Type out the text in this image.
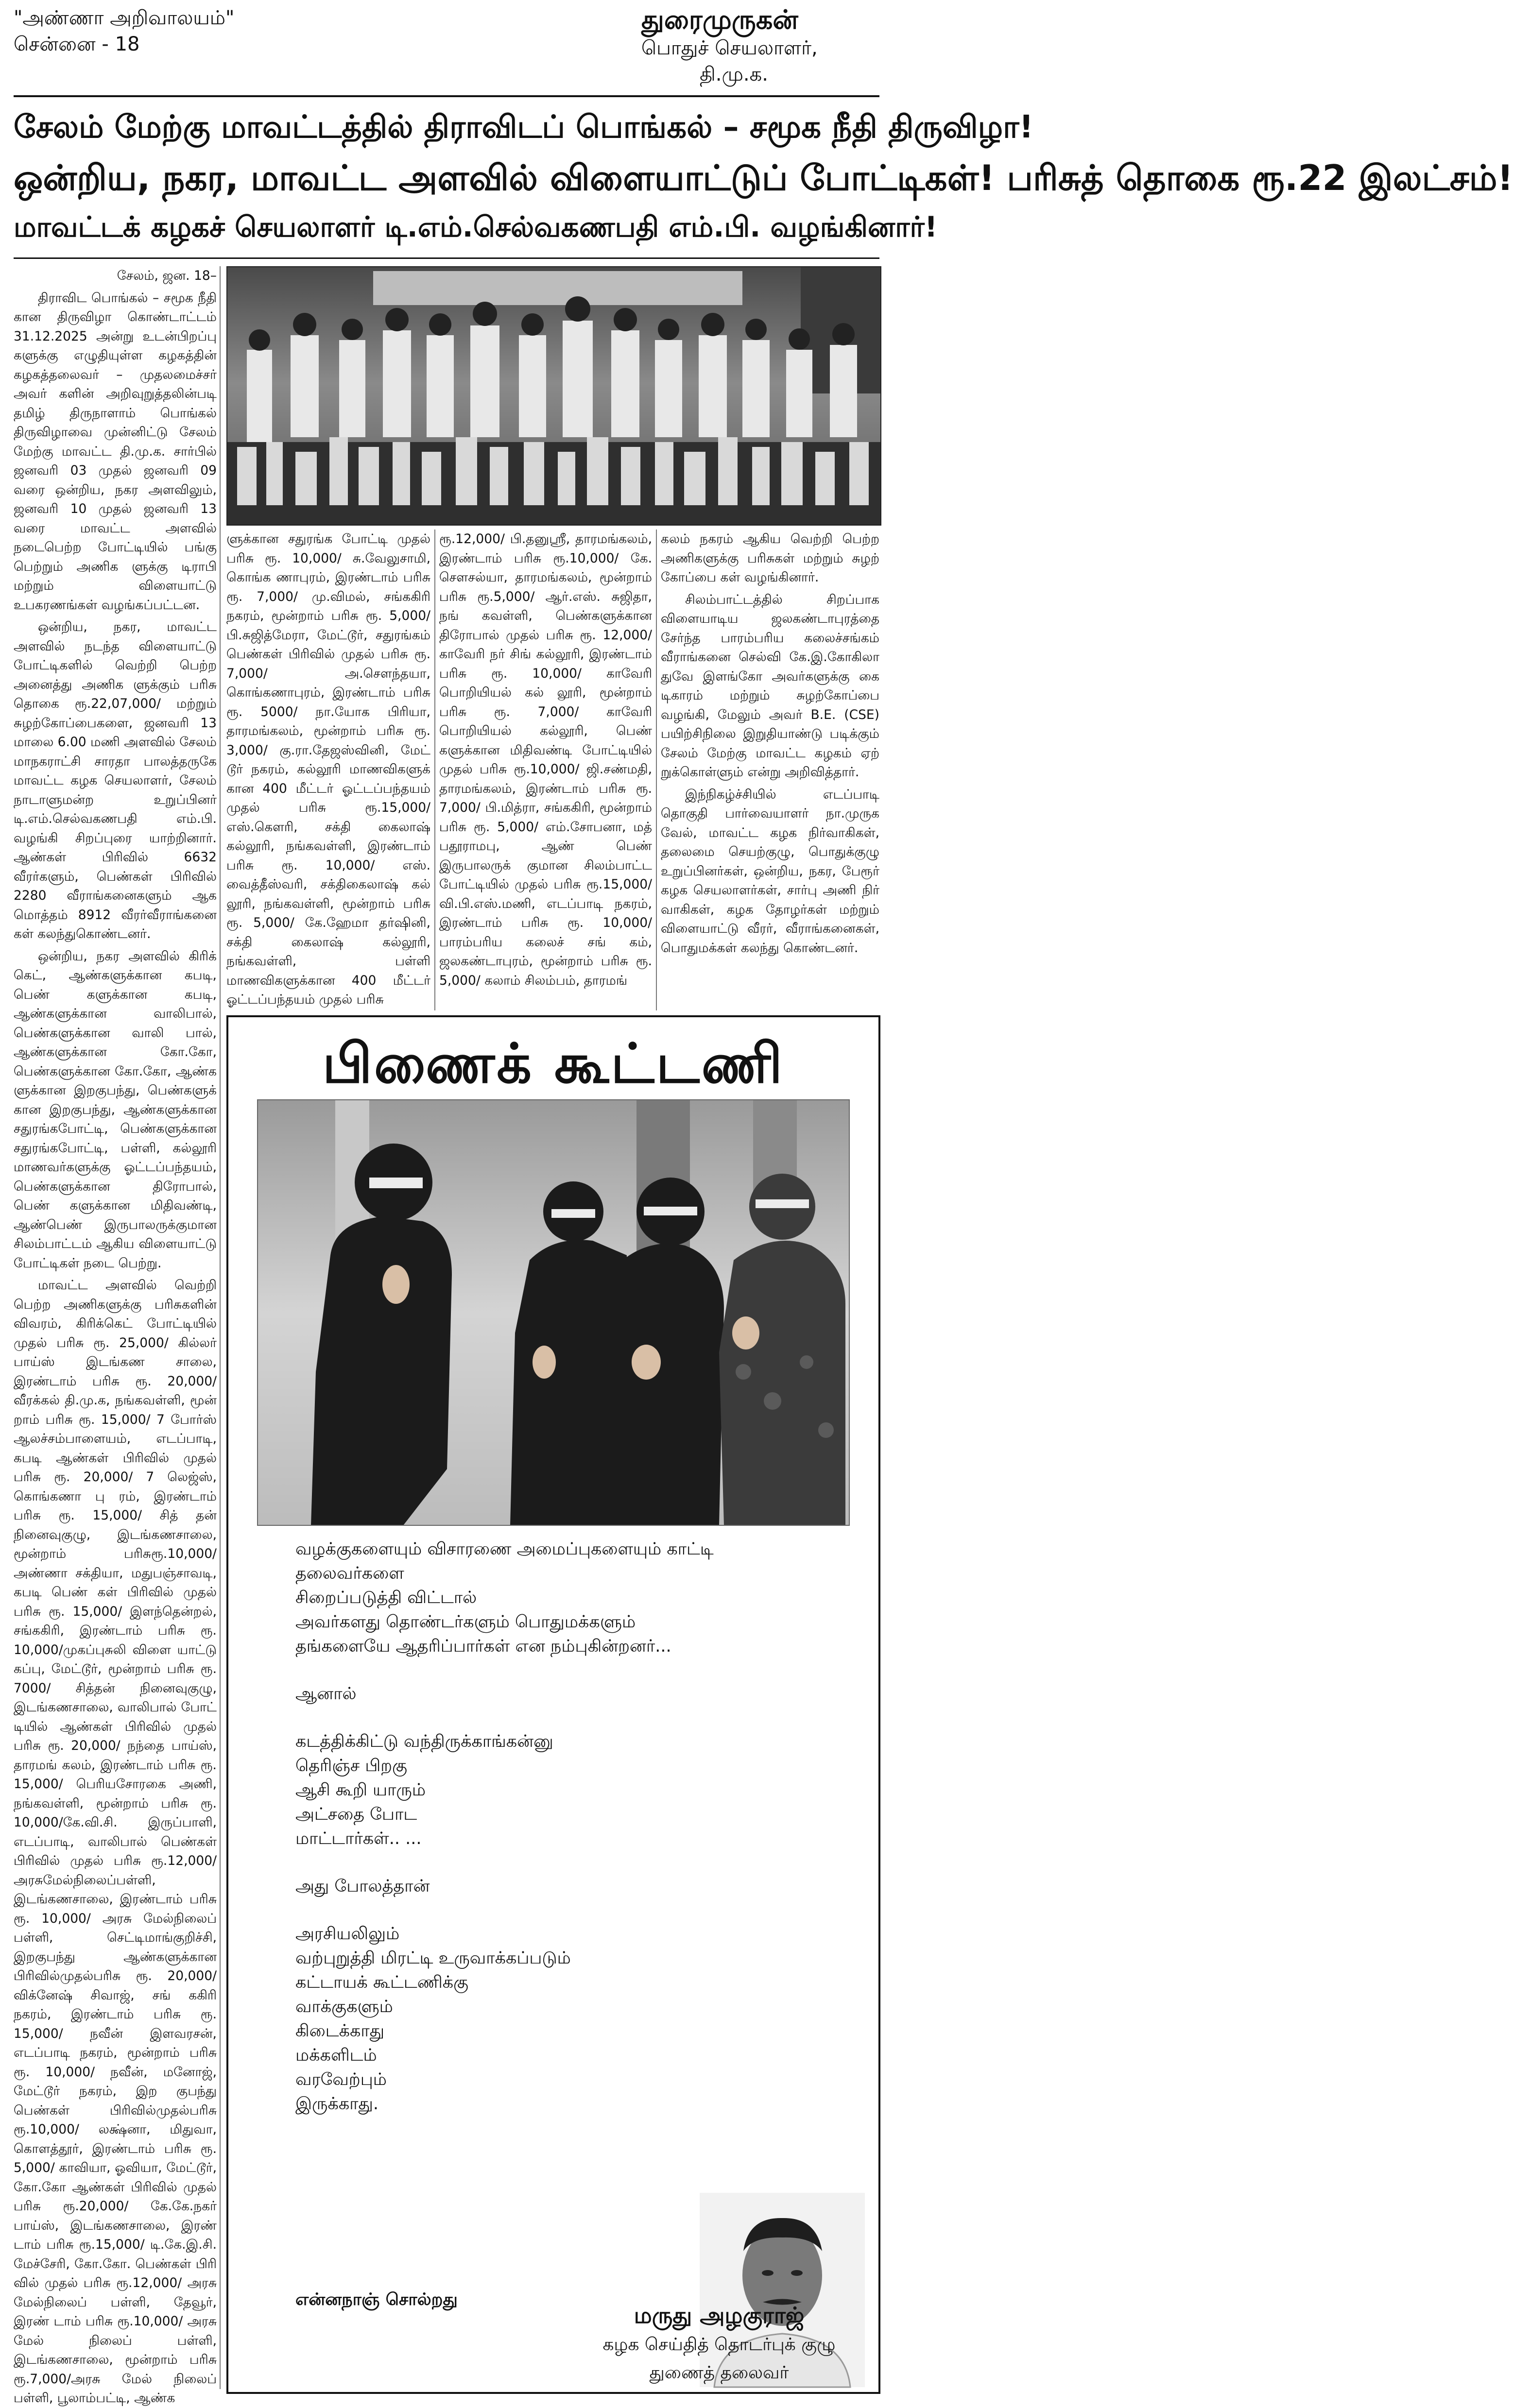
"அண்ணா அறிவாலயம்"
சென்னை - 18
துரைமுருகன்
பொதுச் செயலாளர்,
தி.மு.க.
சேலம் மேற்கு மாவட்டத்தில் திராவிடப் பொங்கல் – சமூக நீதி திருவிழா!
ஒன்றிய, நகர, மாவட்ட அளவில் விளையாட்டுப் போட்டிகள்! பரிசுத் தொகை ரூ.22 இலட்சம்!
மாவட்டக் கழகச் செயலாளர் டி.எம்.செல்வகணபதி எம்.பி. வழங்கினார்!

சேலம், ஜன. 18–

திராவிட பொங்கல் – சமூக நீதி கான திருவிழா கொண்டாட்டம் 31.12.2025 அன்று உடன்பிறப்பு களுக்கு எழுதியுள்ள கழகத்தின் கழகத்தலைவர் – முதலமைச்சர் அவர் களின் அறிவுறுத்தலின்படி தமிழ் திருநாளாம் பொங்கல் திருவிழாவை முன்னிட்டு சேலம் மேற்கு மாவட்ட தி.மு.க. சார்பில் ஜனவரி 03 முதல் ஜனவரி 09 வரை ஒன்றிய, நகர அளவிலும், ஜனவரி 10 முதல் ஜனவரி 13 வரை மாவட்ட அளவில் நடைபெற்ற போட்டியில் பங்கு பெற்றும் அணிக ளுக்கு டிராபி மற்றும் விளையாட்டு உபகரணங்கள் வழங்கப்பட்டன.

ஒன்றிய, நகர, மாவட்ட அளவில் நடந்த விளையாட்டு போட்டிகளில் வெற்றி பெற்ற அனைத்து அணிக ளுக்கும் பரிசு தொகை ரூ.22,07,000/ மற்றும் சுழற்கோப்பைகளை, ஜனவரி 13 மாலை 6.00 மணி அளவில் சேலம் மாநகராட்சி சாரதா பாலத்தருகே மாவட்ட கழக செயலாளர், சேலம் நாடாளுமன்ற உறுப்பினர் டி.எம்.செல்வகணபதி எம்.பி. வழங்கி சிறப்புரை யாற்றினார். ஆண்கள் பிரிவில் 6632 வீரர்களும், பெண்கள் பிரிவில் 2280 வீராங்கனைகளும் ஆக மொத்தம் 8912 வீரர்வீராங்கனை கள் கலந்துகொண்டனர்.

ஒன்றிய, நகர அளவில் கிரிக் கெட், ஆண்களுக்கான கபடி, பெண் களுக்கான கபடி, ஆண்களுக்கான வாலிபால், பெண்களுக்கான வாலி பால், ஆண்களுக்கான கோ.கோ, பெண்களுக்கான கோ.கோ, ஆண்க ளுக்கான இறகுபந்து, பெண்களுக் கான இறகுபந்து, ஆண்களுக்கான சதுரங்கபோட்டி, பெண்களுக்கான சதுரங்கபோட்டி, பள்ளி, கல்லூரி மாணவர்களுக்கு ஓட்டப்பந்தயம், பெண்களுக்கான திரோபால், பெண் களுக்கான மிதிவண்டி, ஆண்பெண் இருபாலருக்குமான சிலம்பாட்டம் ஆகிய விளையாட்டு போட்டிகள் நடை பெற்று.

மாவட்ட அளவில் வெற்றி பெற்ற அணிகளுக்கு பரிசுகளின் விவரம், கிரிக்கெட் போட்டியில் முதல் பரிசு ரூ. 25,000/ கில்லர் பாய்ஸ் இடங்கண சாலை, இரண்டாம் பரிசு ரூ. 20,000/ வீரக்கல் தி.மு.க, நங்கவள்ளி, மூன் றாம் பரிசு ரூ. 15,000/ 7 போர்ஸ் ஆலச்சம்பாளையம், எடப்பாடி, கபடி ஆண்கள் பிரிவில் முதல் பரிசு ரூ. 20,000/ 7 லெஜ்ஸ், கொங்கணா பு ரம், இரண்டாம் பரிசு ரூ. 15,000/ சித் தன் நினைவுகுழு, இடங்கணசாலை, மூன்றாம் பரிசுரூ.10,000/அண்ணா சக்தியா, மதுபஞ்சாவடி, கபடி பெண் கள் பிரிவில் முதல் பரிசு ரூ. 15,000/ இளந்தென்றல், சங்ககிரி, இரண்டாம் பரிசு ரூ. 10,000/முகப்புசுலி விளை யாட்டு கப்பு, மேட்டூர், மூன்றாம் பரிசு ரூ. 7000/ சித்தன் நினைவுகுழு, இடங்கணசாலை, வாலிபால் போட் டியில் ஆண்கள் பிரிவில் முதல் பரிசு ரூ. 20,000/ நந்தை பாய்ஸ், தாரமங் கலம், இரண்டாம் பரிசு ரூ. 15,000/ பெரியசோரகை அணி, நங்கவள்ளி, மூன்றாம் பரிசு ரூ. 10,000/கே.வி.சி. இருப்பாளி, எடப்பாடி, வாலிபால் பெண்கள் பிரிவில் முதல் பரிசு ரூ.12,000/அரசுமேல்நிலைப்பள்ளி, இடங்கணசாலை, இரண்டாம் பரிசு ரூ. 10,000/ அரசு மேல்நிலைப் பள்ளி, செட்டிமாங்குறிச்சி, இறகுபந்து ஆண்களுக்கான பிரிவில்முதல்பரிசு ரூ. 20,000/ விக்னேஷ் சிவாஜ், சங் ககிரி நகரம், இரண்டாம் பரிசு ரூ. 15,000/ நவீன் இளவரசன், எடப்பாடி நகரம், மூன்றாம் பரிசு ரூ. 10,000/ நவீன், மனோஜ், மேட்டூர் நகரம், இற குபந்து பெண்கள் பிரிவில்முதல்பரிசு ரூ.10,000/ லக்ஷ்னா, மிதுவா, கொளத்தூர், இரண்டாம் பரிசு ரூ. 5,000/ காவியா, ஓவியா, மேட்டூர், கோ.கோ ஆண்கள் பிரிவில் முதல் பரிசு ரூ.20,000/ கே.கே.நகர் பாய்ஸ், இடங்கணசாலை, இரண் டாம் பரிசு ரூ.15,000/ டி.கே.இ.சி. மேச்சேரி, கோ.கோ. பெண்கள் பிரி வில் முதல் பரிசு ரூ.12,000/ அரசு மேல்நிலைப் பள்ளி, தேவூர், இரண் டாம் பரிசு ரூ.10,000/ அரசு மேல் நிலைப் பள்ளி, இடங்கணசாலை, மூன்றாம் பரிசு ரூ.7,000/அரசு மேல் நிலைப் பள்ளி, பூலாம்பட்டி, ஆண்க

ளுக்கான சதுரங்க போட்டி முதல் பரிசு ரூ. 10,000/ சு.வேலுசாமி, கொங்க ணாபுரம், இரண்டாம் பரிசு ரூ. 7,000/ மு.விமல், சங்ககிரி நகரம், மூன்றாம் பரிசு ரூ. 5,000/ பி.சுஜித்மேரா, மேட்டூர், சதுரங்கம் பெண்கள் பிரிவில் முதல் பரிசு ரூ. 7,000/ அ.செளந்தயா, கொங்கணாபுரம், இரண்டாம் பரிசு ரூ. 5000/ நா.யோக பிரியா, தாரமங்கலம், மூன்றாம் பரிசு ரூ. 3,000/ கு.ரா.தேஜஸ்வினி, மேட் டூர் நகரம், கல்லூரி மாணவிகளுக் கான 400 மீட்டர் ஓட்டப்பந்தயம் முதல் பரிசு ரூ.15,000/ எஸ்.கெளரி, சக்தி கைலாஷ் கல்லூரி, நங்கவள்ளி, இரண்டாம் பரிசு ரூ. 10,000/ எஸ். வைத்தீஸ்வரி, சக்திகைலாஷ் கல் லூரி, நங்கவள்ளி, மூன்றாம் பரிசு ரூ. 5,000/ கே.ஹேமா தர்ஷினி, சக்தி கைலாஷ் கல்லூரி, நங்கவள்ளி, பள்ளி மாணவிகளுக்கான 400 மீட்டர் ஓட்டப்பந்தயம் முதல் பரிசு

ரூ.12,000/ பி.தனுஸ்ரீ, தாரமங்கலம், இரண்டாம் பரிசு ரூ.10,000/ கே. சௌசல்யா, தாரமங்கலம், மூன்றாம் பரிசு ரூ.5,000/ ஆர்.எஸ். சுஜிதா, நங் கவள்ளி, பெண்களுக்கான திரோபால் முதல் பரிசு ரூ. 12,000/ காவேரி நர் சிங் கல்லூரி, இரண்டாம் பரிசு ரூ. 10,000/ காவேரி பொறியியல் கல் லூரி, மூன்றாம் பரிசு ரூ. 7,000/ காவேரி பொறியியல் கல்லூரி, பெண் களுக்கான மிதிவண்டி போட்டியில் முதல் பரிசு ரூ.10,000/ ஜி.சண்மதி, தாரமங்கலம், இரண்டாம் பரிசு ரூ. 7,000/ பி.மித்ரா, சங்ககிரி, மூன்றாம் பரிசு ரூ. 5,000/ எம்.சோபனா, மத் பதூராமபு, ஆண் பெண் இருபாலருக் குமான சிலம்பாட்ட போட்டியில் முதல் பரிசு ரூ.15,000/ வி.பி.எஸ்.மணி, எடப்பாடி நகரம், இரண்டாம் பரிசு ரூ. 10,000/ பாரம்பரிய கலைச் சங் கம், ஜலகண்டாபுரம், மூன்றாம் பரிசு ரூ. 5,000/ கலாம் சிலம்பம், தாரமங்

கலம் நகரம் ஆகிய வெற்றி பெற்ற அணிகளுக்கு பரிசுகள் மற்றும் சுழற் கோப்பை கள் வழங்கினார்.

சிலம்பாட்டத்தில் சிறப்பாக விளையாடிய ஜலகண்டாபுரத்தை சேர்ந்த பாரம்பரிய கலைச்சங்கம் வீராங்கனை செல்வி கே.இ.கோகிலா துவே இளங்கோ அவர்களுக்கு கை டிகாரம் மற்றும் சுழற்கோப்பை வழங்கி, மேலும் அவர் B.E. (CSE) பயிற்சிநிலை இறுதியாண்டு படிக்கும் சேலம் மேற்கு மாவட்ட கழகம் ஏற் றுக்கொள்ளும் என்று அறிவித்தார்.

இந்நிகழ்ச்சியில் எடப்பாடி தொகுதி பார்வையாளர் நா.முருக வேல், மாவட்ட கழக நிர்வாகிகள், தலைமை செயற்குழு, பொதுக்குழு உறுப்பினர்கள், ஒன்றிய, நகர, பேரூர் கழக செயலாளர்கள், சார்பு அணி நிர் வாகிகள், கழக தோழர்கள் மற்றும் விளையாட்டு வீரர், வீராங்கனைகள், பொதுமக்கள் கலந்து கொண்டனர்.

பிணைக் கூட்டணி
வழக்குகளையும் விசாரணை அமைப்புகளையும் காட்டி
தலைவர்களை
சிறைப்படுத்தி விட்டால்
அவர்களது தொண்டர்களும் பொதுமக்களும்
தங்களையே ஆதரிப்பார்கள் என நம்புகின்றனர்...
ஆனால்
கடத்திக்கிட்டு வந்திருக்காங்கன்னு
தெரிஞ்ச பிறகு
ஆசி கூறி யாரும்
அட்சதை போட
மாட்டார்கள்.. ...
அது போலத்தான்
அரசியலிலும்
வற்புறுத்தி மிரட்டி உருவாக்கப்படும்
கட்டாயக் கூட்டணிக்கு
வாக்குகளும்
கிடைக்காது
மக்களிடம்
வரவேற்பும்
இருக்காது.
என்னநாஞ் சொல்றது
மருது அழகுராஜ்
கழக செய்தித் தொடர்புக் குழு
துணைத் தலைவர்
